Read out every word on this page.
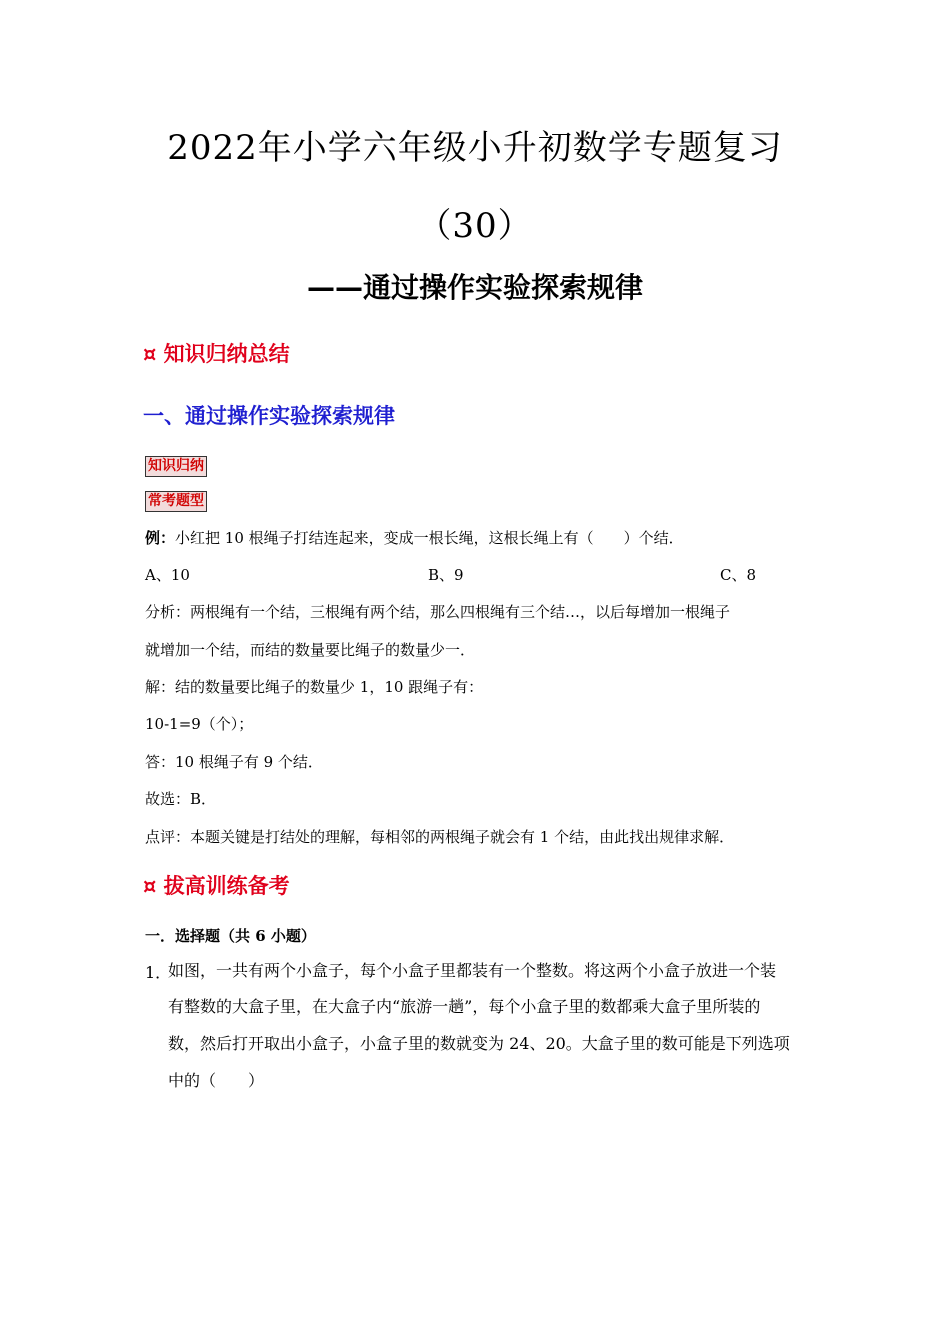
2022年小学六年级小升初数学专题复习
（30）
——通过操作实验探索规律
¤ 知识归纳总结
一、通过操作实验探索规律
知识归纳
常考题型
例：小红把 10 根绳子打结连起来，变成一根长绳，这根长绳上有（　　）个结．
A、10	B、9	C、8
分析：两根绳有一个结，三根绳有两个结，那么四根绳有三个结…，以后每增加一根绳子
就增加一个结，而结的数量要比绳子的数量少一．
解：结的数量要比绳子的数量少 1，10 跟绳子有：
10-1=9（个）；
答：10 根绳子有 9 个结．
故选：B．
点评：本题关键是打结处的理解，每相邻的两根绳子就会有 1 个结，由此找出规律求解．
¤ 拔高训练备考
一．选择题（共 6 小题）
1．
如图，一共有两个小盒子，每个小盒子里都装有一个整数。将这两个小盒子放进一个装
有整数的大盒子里，在大盒子内“旅游一趟”，每个小盒子里的数都乘大盒子里所装的
数，然后打开取出小盒子，小盒子里的数就变为 24、20。大盒子里的数可能是下列选项
中的（　　）
